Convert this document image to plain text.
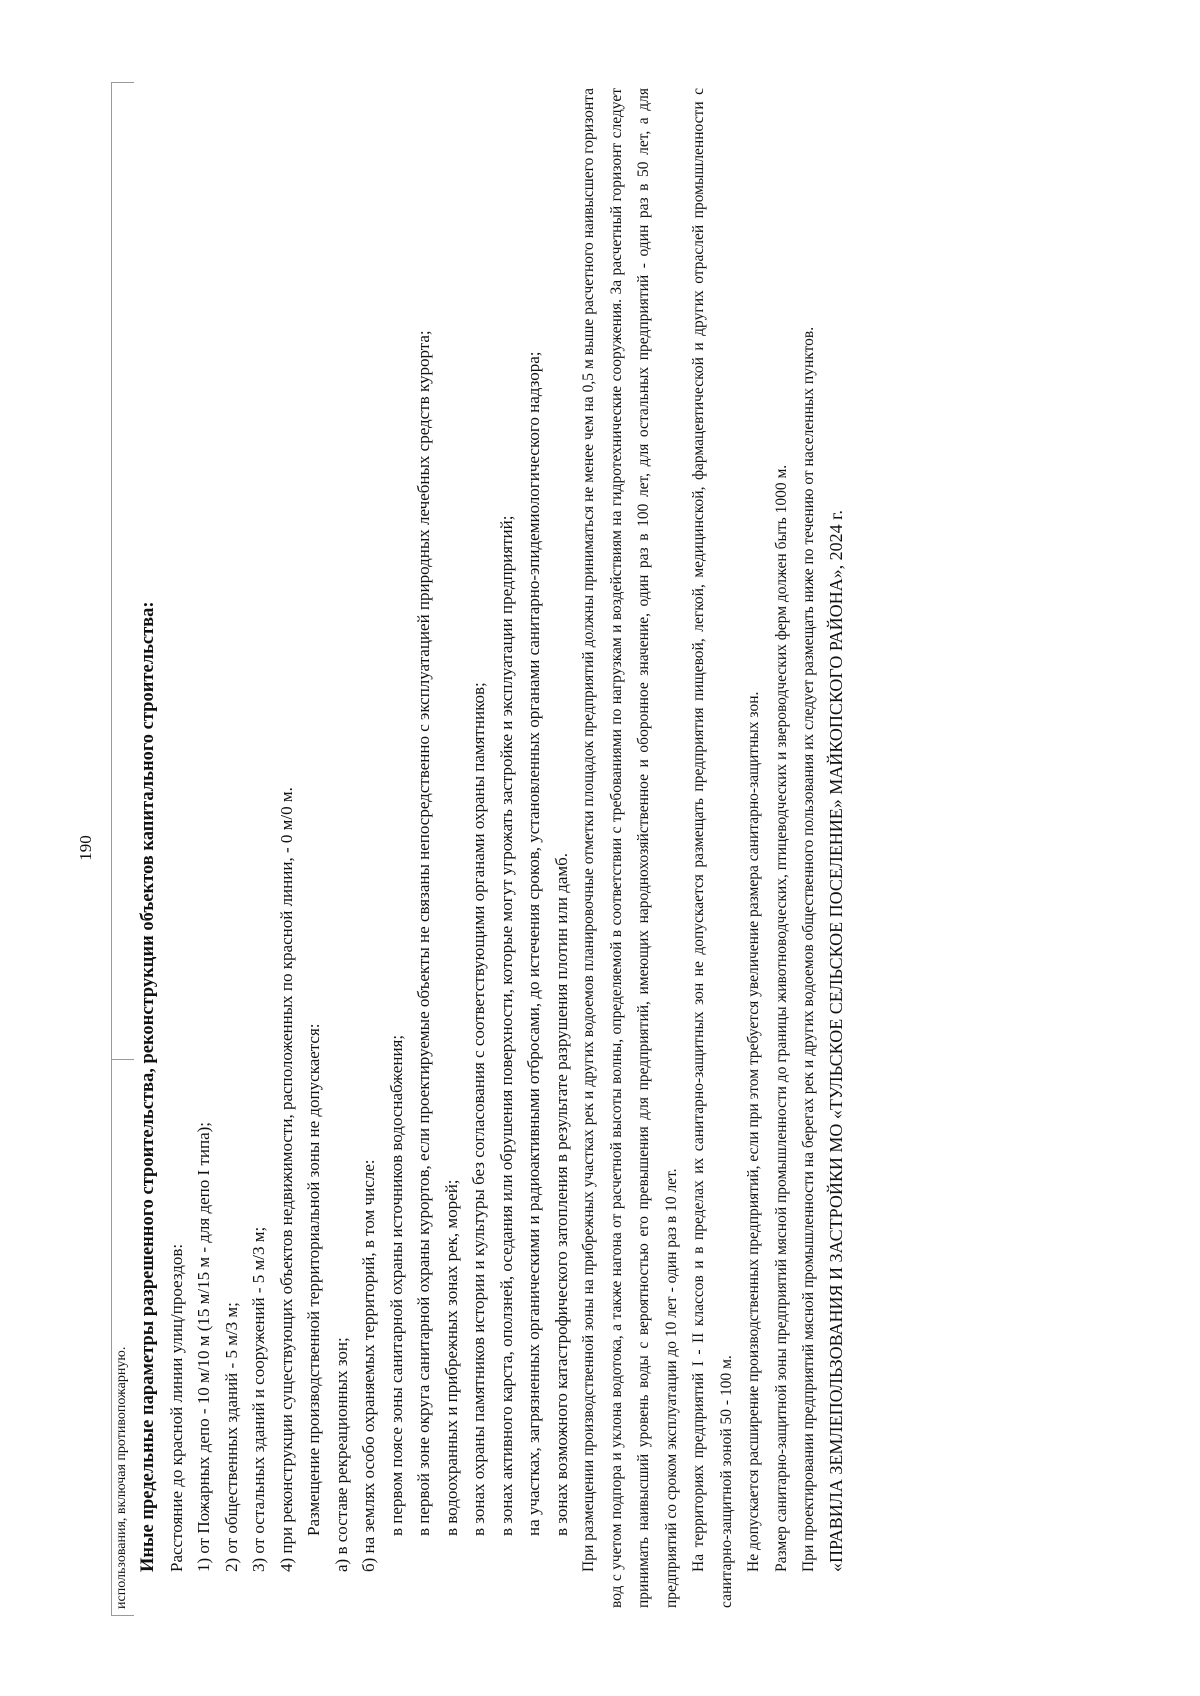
190
использования, включая противопожарную. Иные предельные параметры разрешенного строительства, реконструкции объектов капитального строительства: Расстояние до красной линии улиц/проездов: 1) от Пожарных депо - 10 м/10 м (15 м/15 м - для депо I типа); 2) от общественных зданий - 5 м/3 м; 3) от остальных зданий и сооружений - 5 м/3 м; 4) при реконструкции существующих объектов недвижимости, расположенных по красной линии, - 0 м/0 м. Размещение производственной территориальной зоны не допускается: а) в составе рекреационных зон; б) на землях особо охраняемых территорий, в том числе: в первом поясе зоны санитарной охраны источников водоснабжения; в первой зоне округа санитарной охраны курортов, если проектируемые объекты не связаны непосредственно с эксплуатацией природных лечебных средств курорта; в водоохранных и прибрежных зонах рек, морей; в зонах охраны памятников истории и культуры без согласования с соответствующими органами охраны памятников; в зонах активного карста, оползней, оседания или обрушения поверхности, которые могут угрожать застройке и эксплуатации предприятий; на участках, загрязненных органическими и радиоактивными отбросами, до истечения сроков, установленных органами санитарно-эпидемиологического надзора; в зонах возможного катастрофического затопления в результате разрушения плотин или дамб. При размещении производственной зоны на прибрежных участках рек и других водоемов планировочные отметки площадок предприятий должны приниматься не менее чем на 0,5 м выше расчетного наивысшего горизонта вод с учетом подпора и уклона водотока, а также нагона от расчетной высоты волны, определяемой в соответствии с требованиями по нагрузкам и воздействиям на гидротехнические сооружения. За расчетный горизонт следует принимать наивысший уровень воды с вероятностью его превышения для предприятий, имеющих народнохозяйственное и оборонное значение, один раз в 100 лет, для остальных предприятий - один раз в 50 лет, а для предприятий со сроком эксплуатации до 10 лет - один раз в 10 лет. На территориях предприятий I - II классов и в пределах их санитарно-защитных зон не допускается размещать предприятия пищевой, легкой, медицинской, фармацевтической и других отраслей промышленности с санитарно-защитной зоной 50 - 100 м. Не допускается расширение производственных предприятий, если при этом требуется увеличение размера санитарно-защитных зон. Размер санитарно-защитной зоны предприятий мясной промышленности до границы животноводческих, птицеводческих и звероводческих ферм должен быть 1000 м. При проектировании предприятий мясной промышленности на берегах рек и других водоемов общественного пользования их следует размещать ниже по течению от населенных пунктов. «ПРАВИЛА ЗЕМЛЕПОЛЬЗОВАНИЯ И ЗАСТРОЙКИ МО «ТУЛЬСКОЕ СЕЛЬСКОЕ ПОСЕЛЕНИЕ» МАЙКОПСКОГО РАЙОНА», 2024 г.
